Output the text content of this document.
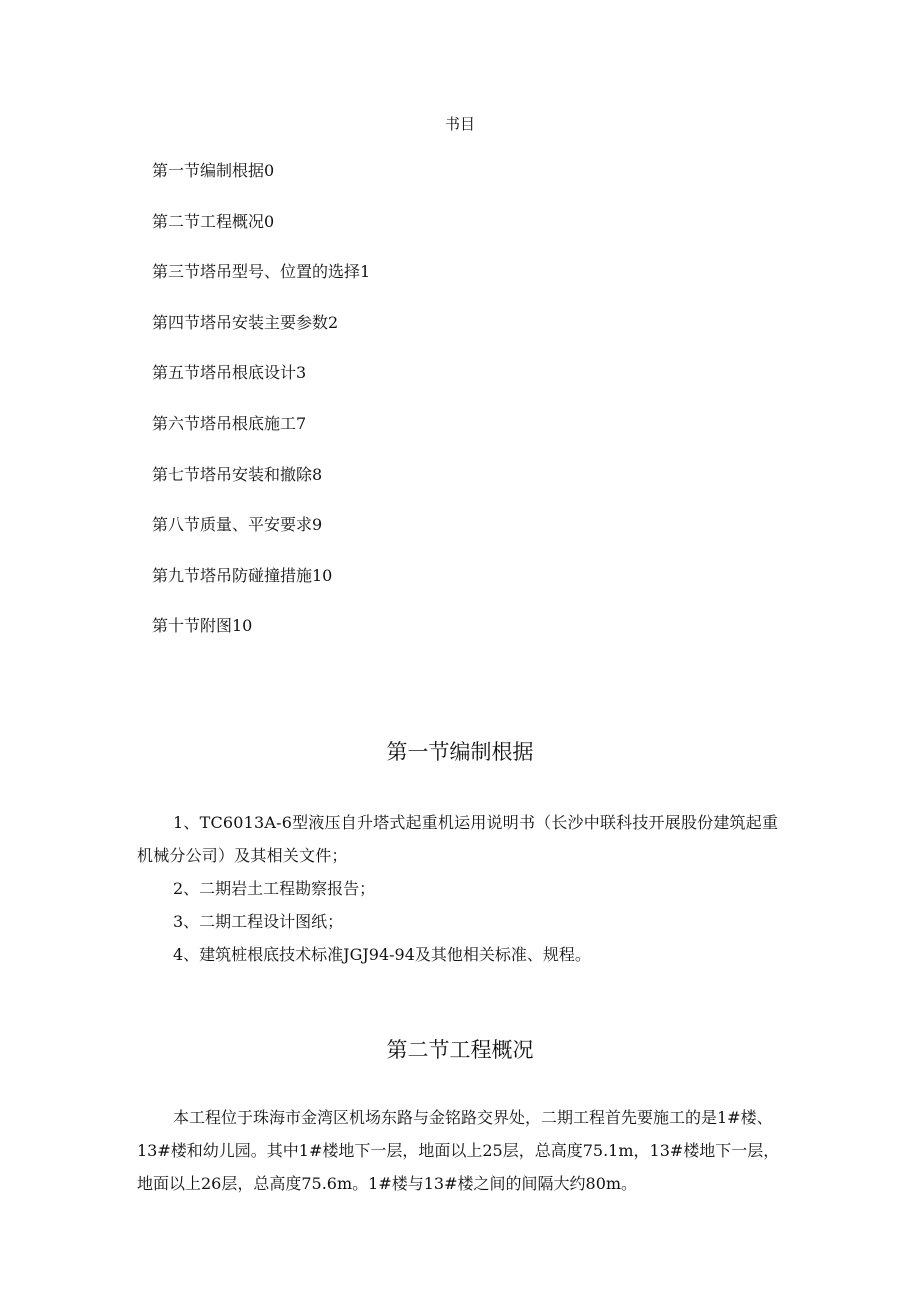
书目
第一节编制根据0
第二节工程概况0
第三节塔吊型号、位置的选择1
第四节塔吊安装主要参数2
第五节塔吊根底设计3
第六节塔吊根底施工7
第七节塔吊安装和撤除8
第八节质量、平安要求9
第九节塔吊防碰撞措施10
第十节附图10
第一节编制根据

1、TC6013A-6型液压自升塔式起重机运用说明书（长沙中联科技开展股份建筑起重机械分公司）及其相关文件；

2、二期岩土工程勘察报告；

3、二期工程设计图纸；

4、建筑桩根底技术标准JGJ94-94及其他相关标准、规程。

第二节工程概况

本工程位于珠海市金湾区机场东路与金铭路交界处，二期工程首先要施工的是1#楼、13#楼和幼儿园。其中1#楼地下一层，地面以上25层，总高度75.1m，13#楼地下一层，地面以上26层，总高度75.6m。1#楼与13#楼之间的间隔大约80m。
